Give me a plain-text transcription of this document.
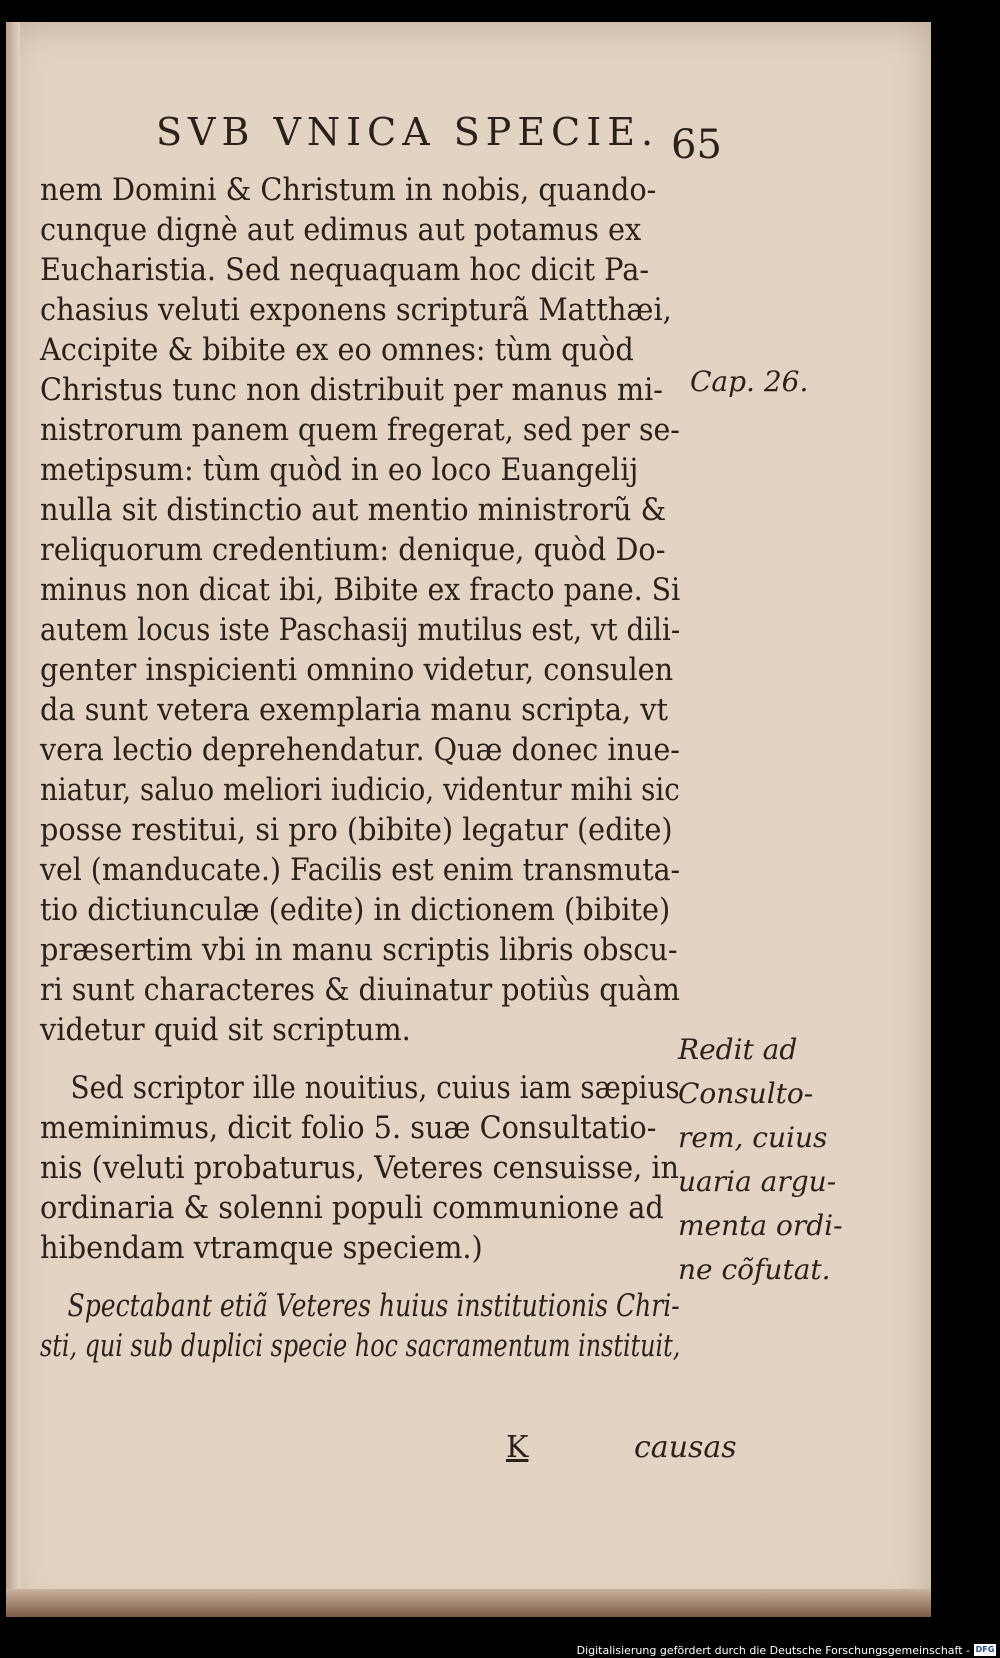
SVB VNICA SPECIE. 65
nem Domini & Christum in nobis, quando-
cunque dignè aut edimus aut potamus ex
Eucharistia. Sed nequaquam hoc dicit Pa-
chasius veluti exponens scripturã Matthæi,
Accipite & bibite ex eo omnes: tùm quòd
Christus tunc non distribuit per manus mi-
nistrorum panem quem fregerat, sed per se-
metipsum: tùm quòd in eo loco Euangelij
nulla sit distinctio aut mentio ministrorũ &
reliquorum credentium: denique, quòd Do-
minus non dicat ibi, Bibite ex fracto pane. Si
autem locus iste Paschasij mutilus est, vt dili-
genter inspicienti omnino videtur, consulen
da sunt vetera exemplaria manu scripta, vt
vera lectio deprehendatur. Quæ donec inue-
niatur, saluo meliori iudicio, videntur mihi sic
posse restitui, si pro (bibite) legatur (edite)
vel (manducate.) Facilis est enim transmuta-
tio dictiunculæ (edite) in dictionem (bibite)
præsertim vbi in manu scriptis libris obscu-
ri sunt characteres & diuinatur potiùs quàm
videtur quid sit scriptum.
Sed scriptor ille nouitius, cuius iam sæpius
meminimus, dicit folio 5. suæ Consultatio-
nis (veluti probaturus, Veteres censuisse, in
ordinaria & solenni populi communione ad
hibendam vtramque speciem.)
Spectabant etiã Veteres huius institutionis Chri-
sti, qui sub duplici specie hoc sacramentum instituit,
K	causas
Cap. 26.
Redit ad
Consulto-
rem, cuius
uaria argu-
menta ordi-
ne cõfutat.
Digitalisierung gefördert durch die Deutsche Forschungsgemeinschaft - DFG
